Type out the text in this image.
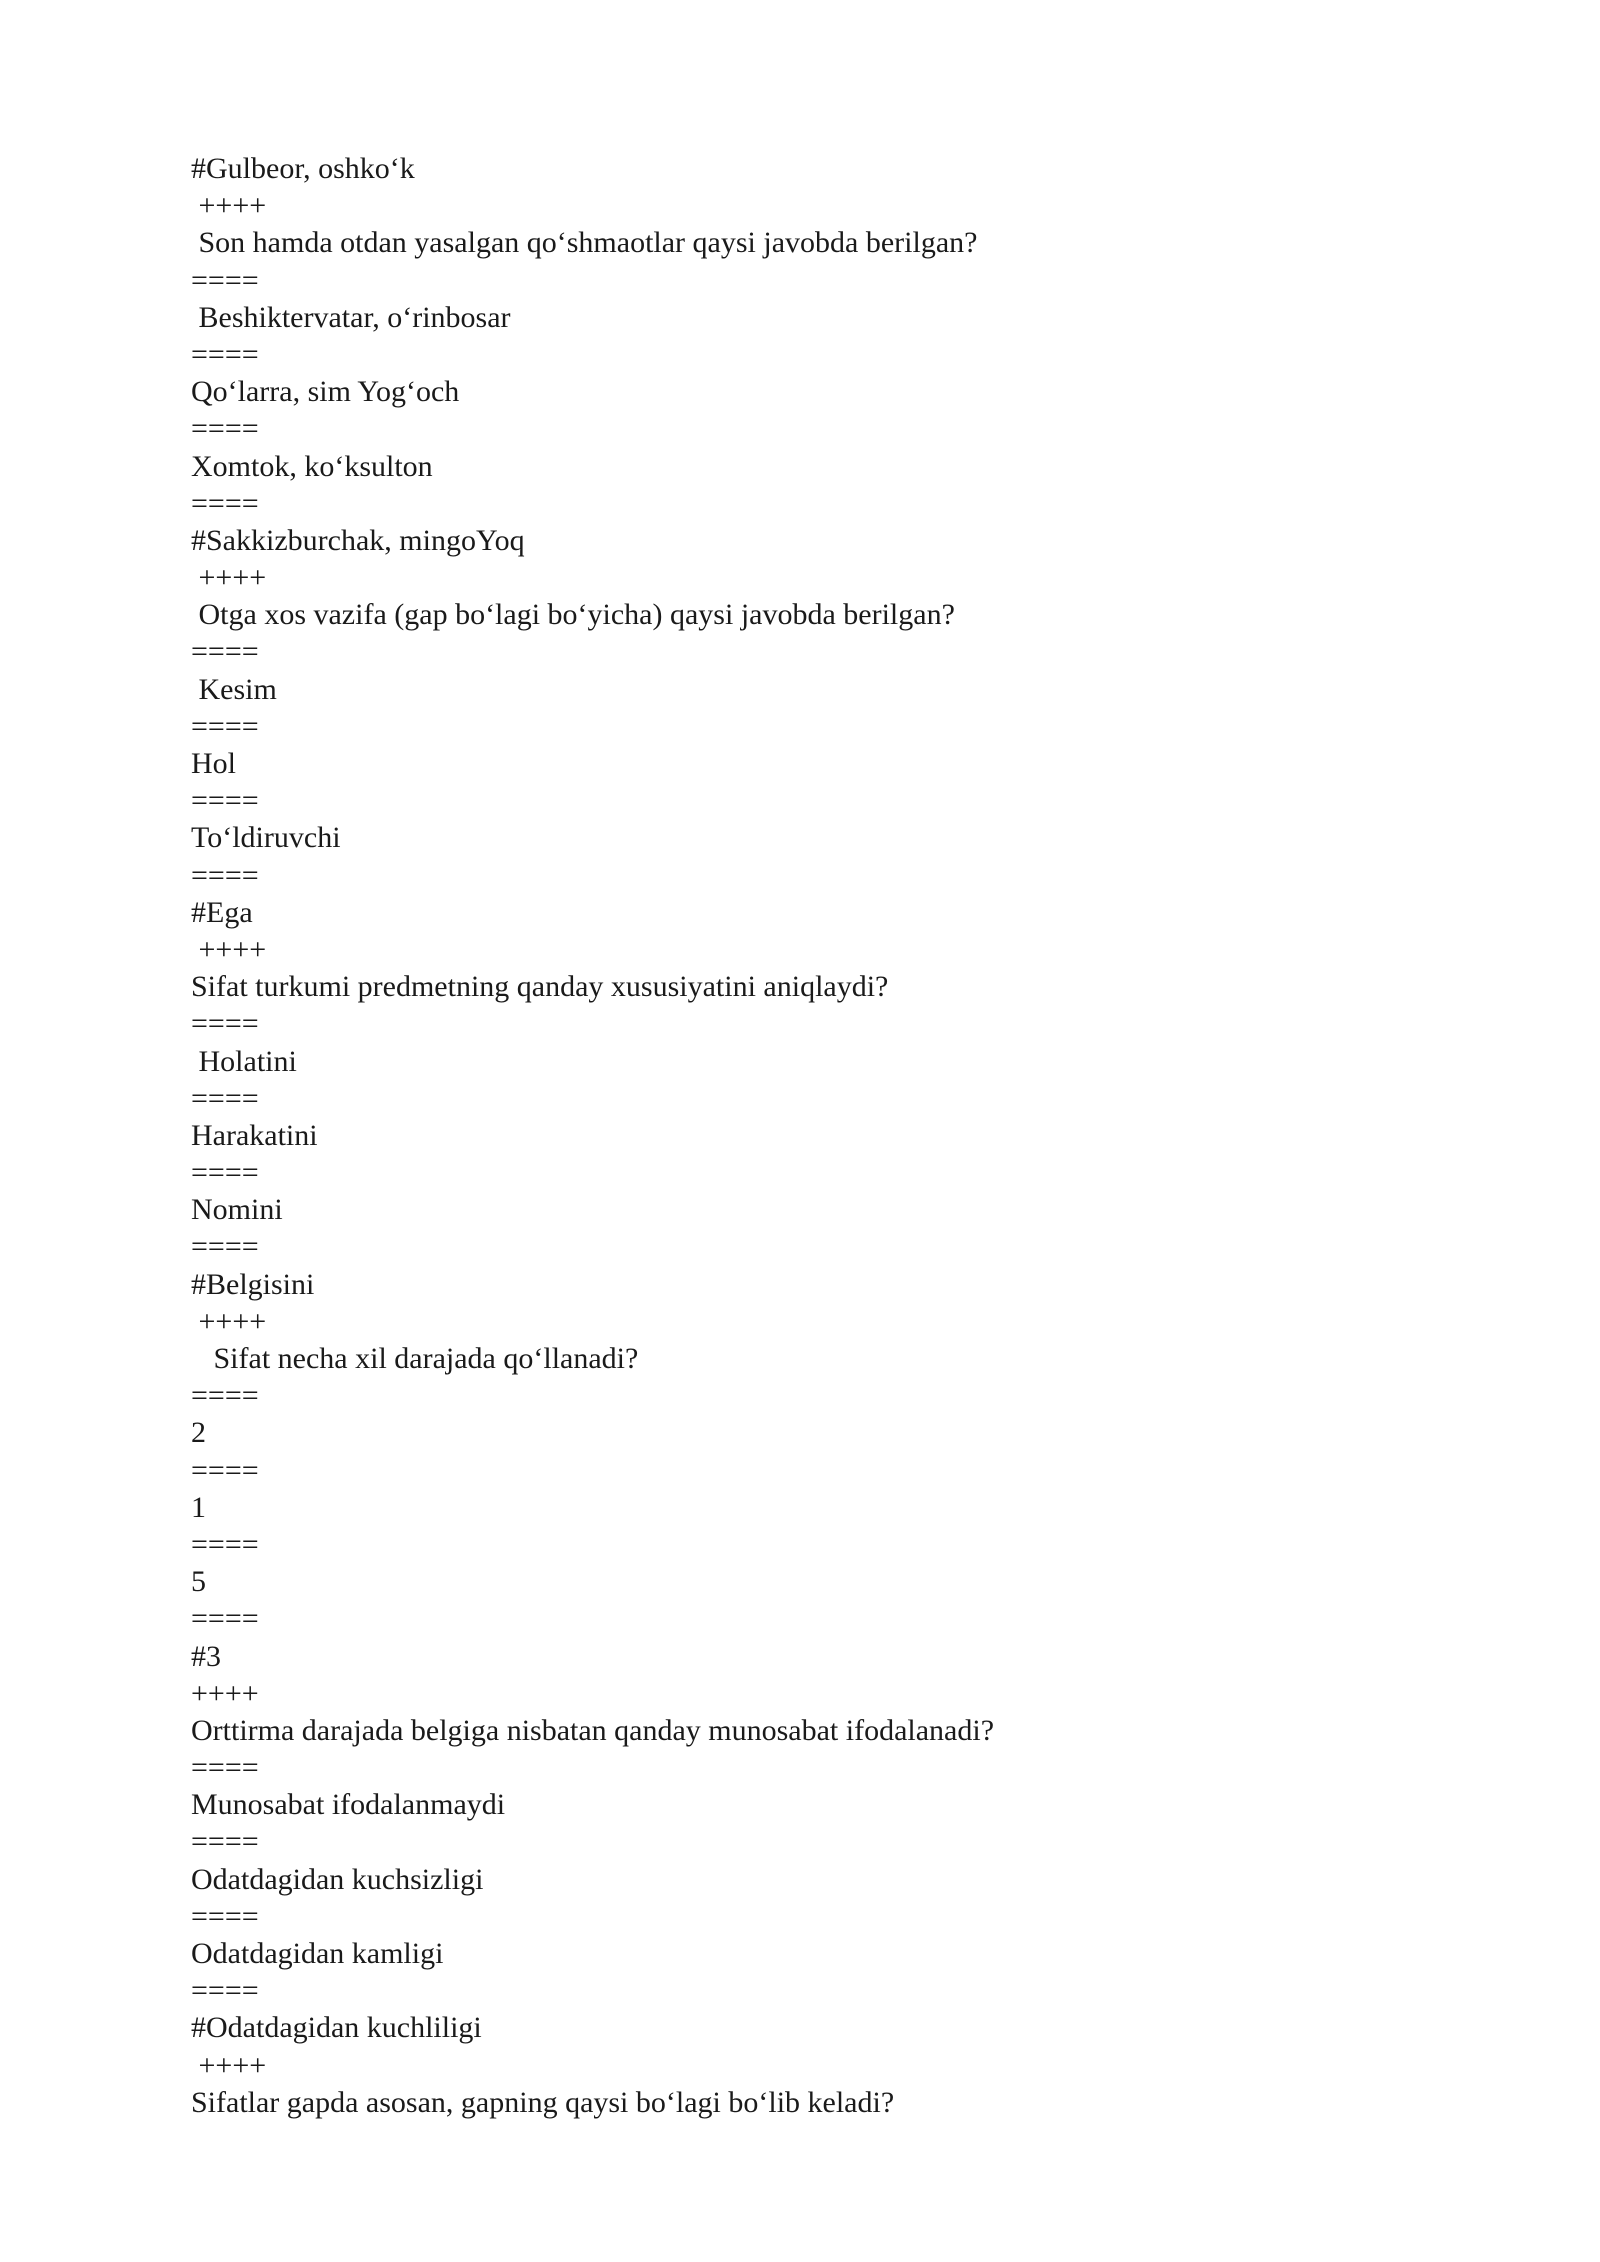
#Gulbeor, oshko‘k
++++
Son hamda otdan yasalgan qo‘shmaotlar qaysi javobda berilgan?
====
Beshiktervatar, o‘rinbosar
====
Qo‘larra, sim Yog‘och
====
Xomtok, ko‘ksulton
====
#Sakkizburchak, mingoYoq
++++
Otga xos vazifa (gap bo‘lagi bo‘yicha) qaysi javobda berilgan?
====
Kesim
====
Hol
====
To‘ldiruvchi
====
#Ega
++++
Sifat turkumi predmetning qanday xususiyatini aniqlaydi?
====
Holatini
====
Harakatini
====
Nomini
====
#Belgisini
++++
Sifat necha xil darajada qo‘llanadi?
====
2
====
1
====
5
====
#3
++++
Orttirma darajada belgiga nisbatan qanday munosabat ifodalanadi?
====
Munosabat ifodalanmaydi
====
Odatdagidan kuchsizligi
====
Odatdagidan kamligi
====
#Odatdagidan kuchliligi
++++
Sifatlar gapda asosan, gapning qaysi bo‘lagi bo‘lib keladi?
